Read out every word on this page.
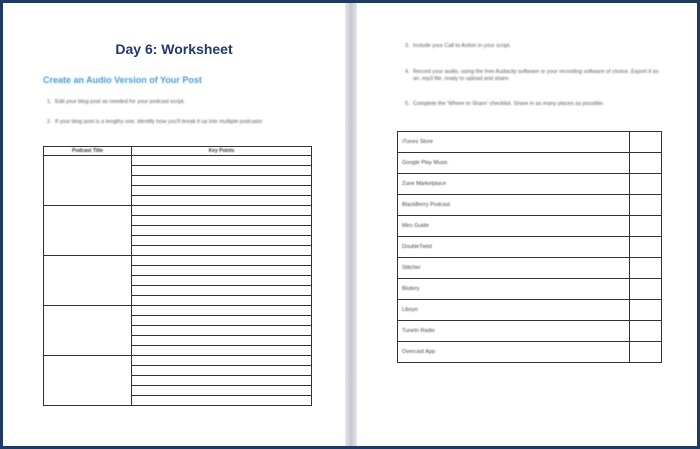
Day 6: Worksheet
Create an Audio Version of Your Post
1. Edit your blog post as needed for your podcast script.
2. If your blog post is a lengthy one, identify how you'll break it up into multiple podcasts:
Podcast Title	Key Points

3. Include your Call to Action in your script.
4. Record your audio, using the free Audacity software or your recording software of choice. Export it as an .mp3 file, ready to upload and share.
5. Complete the 'Where to Share' checklist. Share in as many places as possible.
iTunes Store	
Google Play Music	
Zune Marketplace	
BlackBerry Podcast	
Miro Guide	
DoubleTwist	
Stitcher	
Blubrry	
Libsyn	
TuneIn Radio	
Overcast App	
